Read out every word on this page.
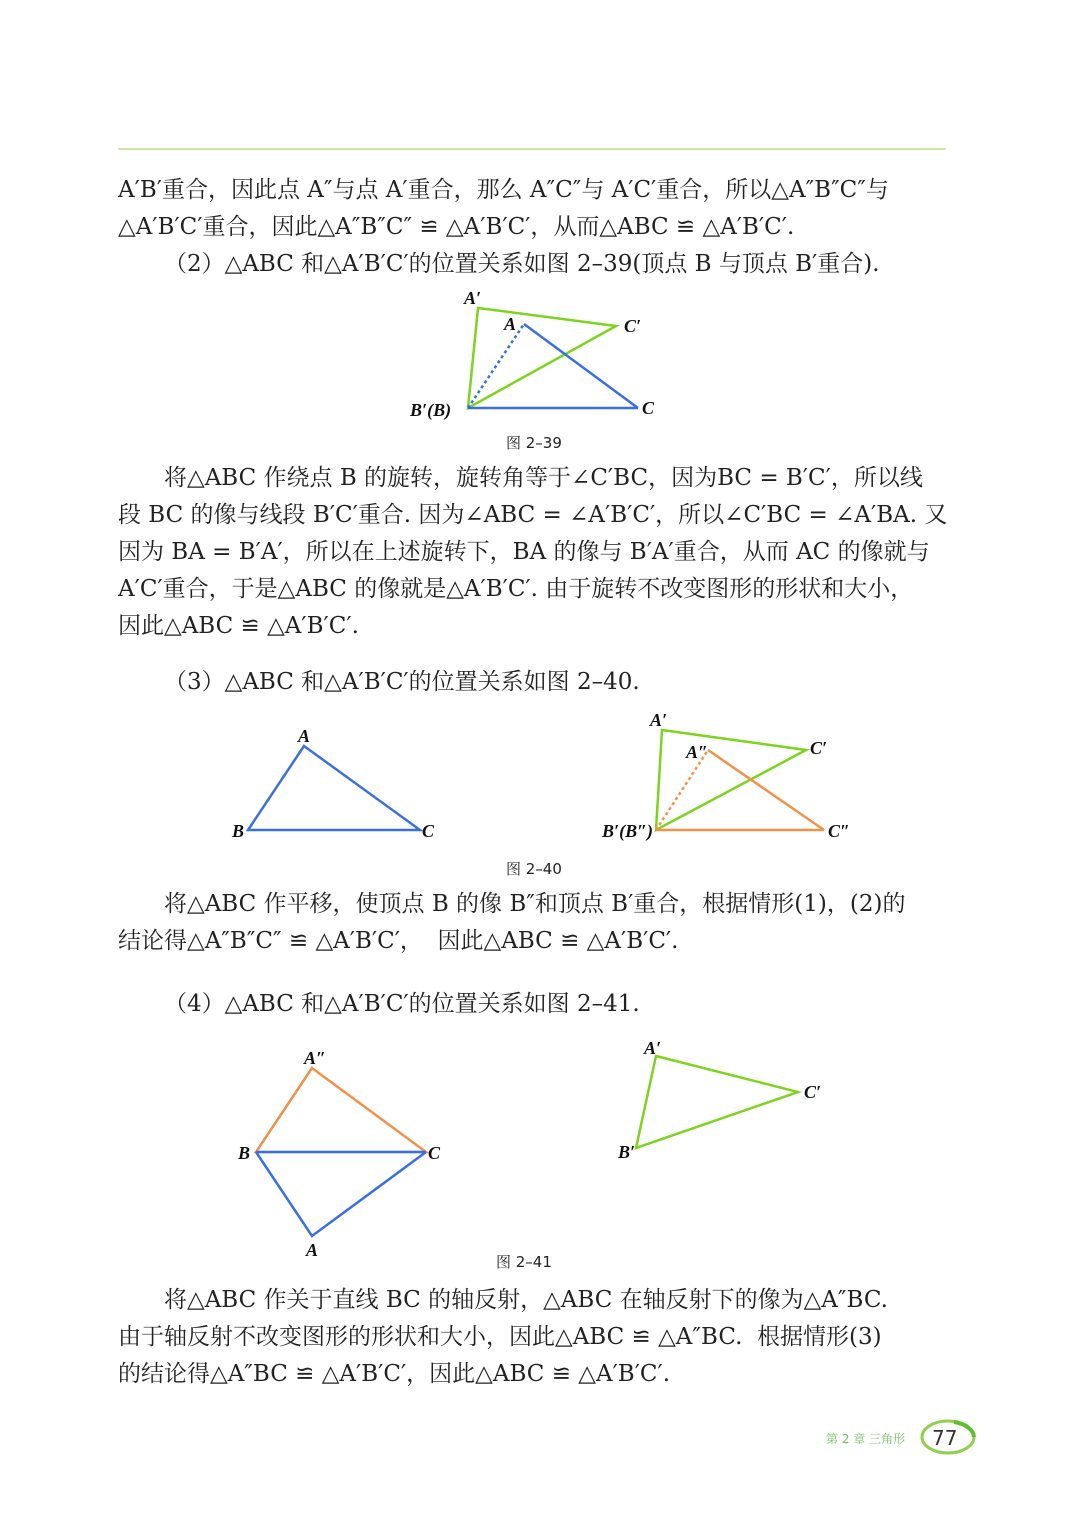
A′B′重合，因此点 A″与点 A′重合，那么 A″C″与 A′C′重合，所以△A″B″C″与

△A′B′C′重合，因此△A″B″C″ ≌ △A′B′C′，从而△ABC ≌ △A′B′C′.

（2）△ABC 和△A′B′C′的位置关系如图 2–39(顶点 B 与顶点 B′重合).

A′
A	C′
B′(B)	C
图 2–39

将△ABC 作绕点 B 的旋转，旋转角等于∠C′BC，因为BC = B′C′，所以线

段 BC 的像与线段 B′C′重合. 因为∠ABC = ∠A′B′C′，所以∠C′BC = ∠A′BA. 又

因为 BA = B′A′，所以在上述旋转下，BA 的像与 B′A′重合，从而 AC 的像就与

A′C′重合，于是△ABC 的像就是△A′B′C′. 由于旋转不改变图形的形状和大小，

因此△ABC ≌ △A′B′C′.

（3）△ABC 和△A′B′C′的位置关系如图 2–40.

A
B	C
A′
A″	C′
B′(B″)	C″
图 2–40

将△ABC 作平移，使顶点 B 的像 B″和顶点 B′重合，根据情形(1)，(2)的

结论得△A″B″C″ ≌ △A′B′C′，  因此△ABC ≌ △A′B′C′.

（4）△ABC 和△A′B′C′的位置关系如图 2–41.

A″
B	C
A
A′
C′
B′
图 2–41

将△ABC 作关于直线 BC 的轴反射，△ABC 在轴反射下的像为△A″BC.

由于轴反射不改变图形的形状和大小，因此△ABC ≌ △A″BC.  根据情形(3)

的结论得△A″BC ≌ △A′B′C′，因此△ABC ≌ △A′B′C′.

第 2 章 三角形 77
